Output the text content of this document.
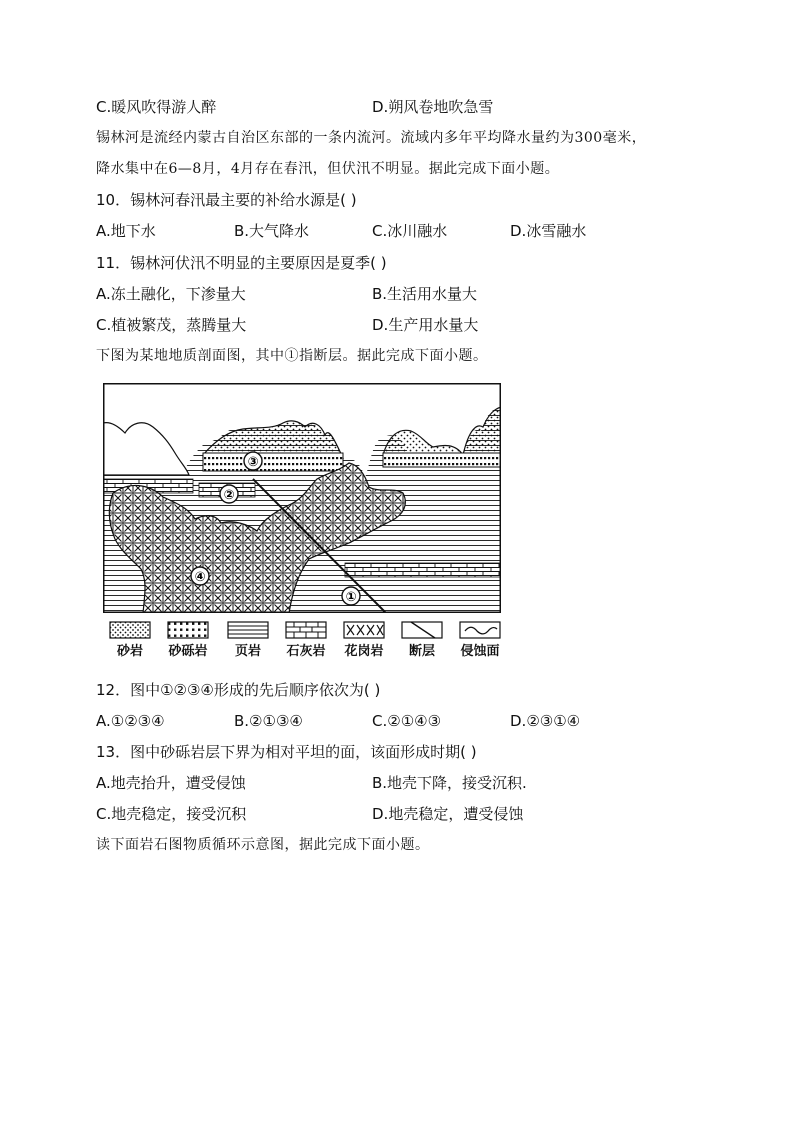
C.暖风吹得游人醉	D.朔风卷地吹急雪
锡林河是流经内蒙古自治区东部的一条内流河。流域内多年平均降水量约为300毫米，
降水集中在6—8月，4月存在春汛，但伏汛不明显。据此完成下面小题。
10．锡林河春汛最主要的补给水源是( )
A.地下水	B.大气降水	C.冰川融水	D.冰雪融水
11．锡林河伏汛不明显的主要原因是夏季( )
A.冻土融化，下渗量大	B.生活用水量大
C.植被繁茂，蒸腾量大	D.生产用水量大
下图为某地地质剖面图，其中①指断层。据此完成下面小题。
①
②
③
④
砂岩	砂砾岩	页岩	石灰岩	花岗岩	断层	侵蚀面
12．图中①②③④形成的先后顺序依次为( )
A.①②③④	B.②①③④	C.②①④③	D.②③①④
13．图中砂砾岩层下界为相对平坦的面，该面形成时期( )
A.地壳抬升，遭受侵蚀	B.地壳下降，接受沉积.
C.地壳稳定，接受沉积	D.地壳稳定，遭受侵蚀
读下面岩石图物质循环示意图，据此完成下面小题。
